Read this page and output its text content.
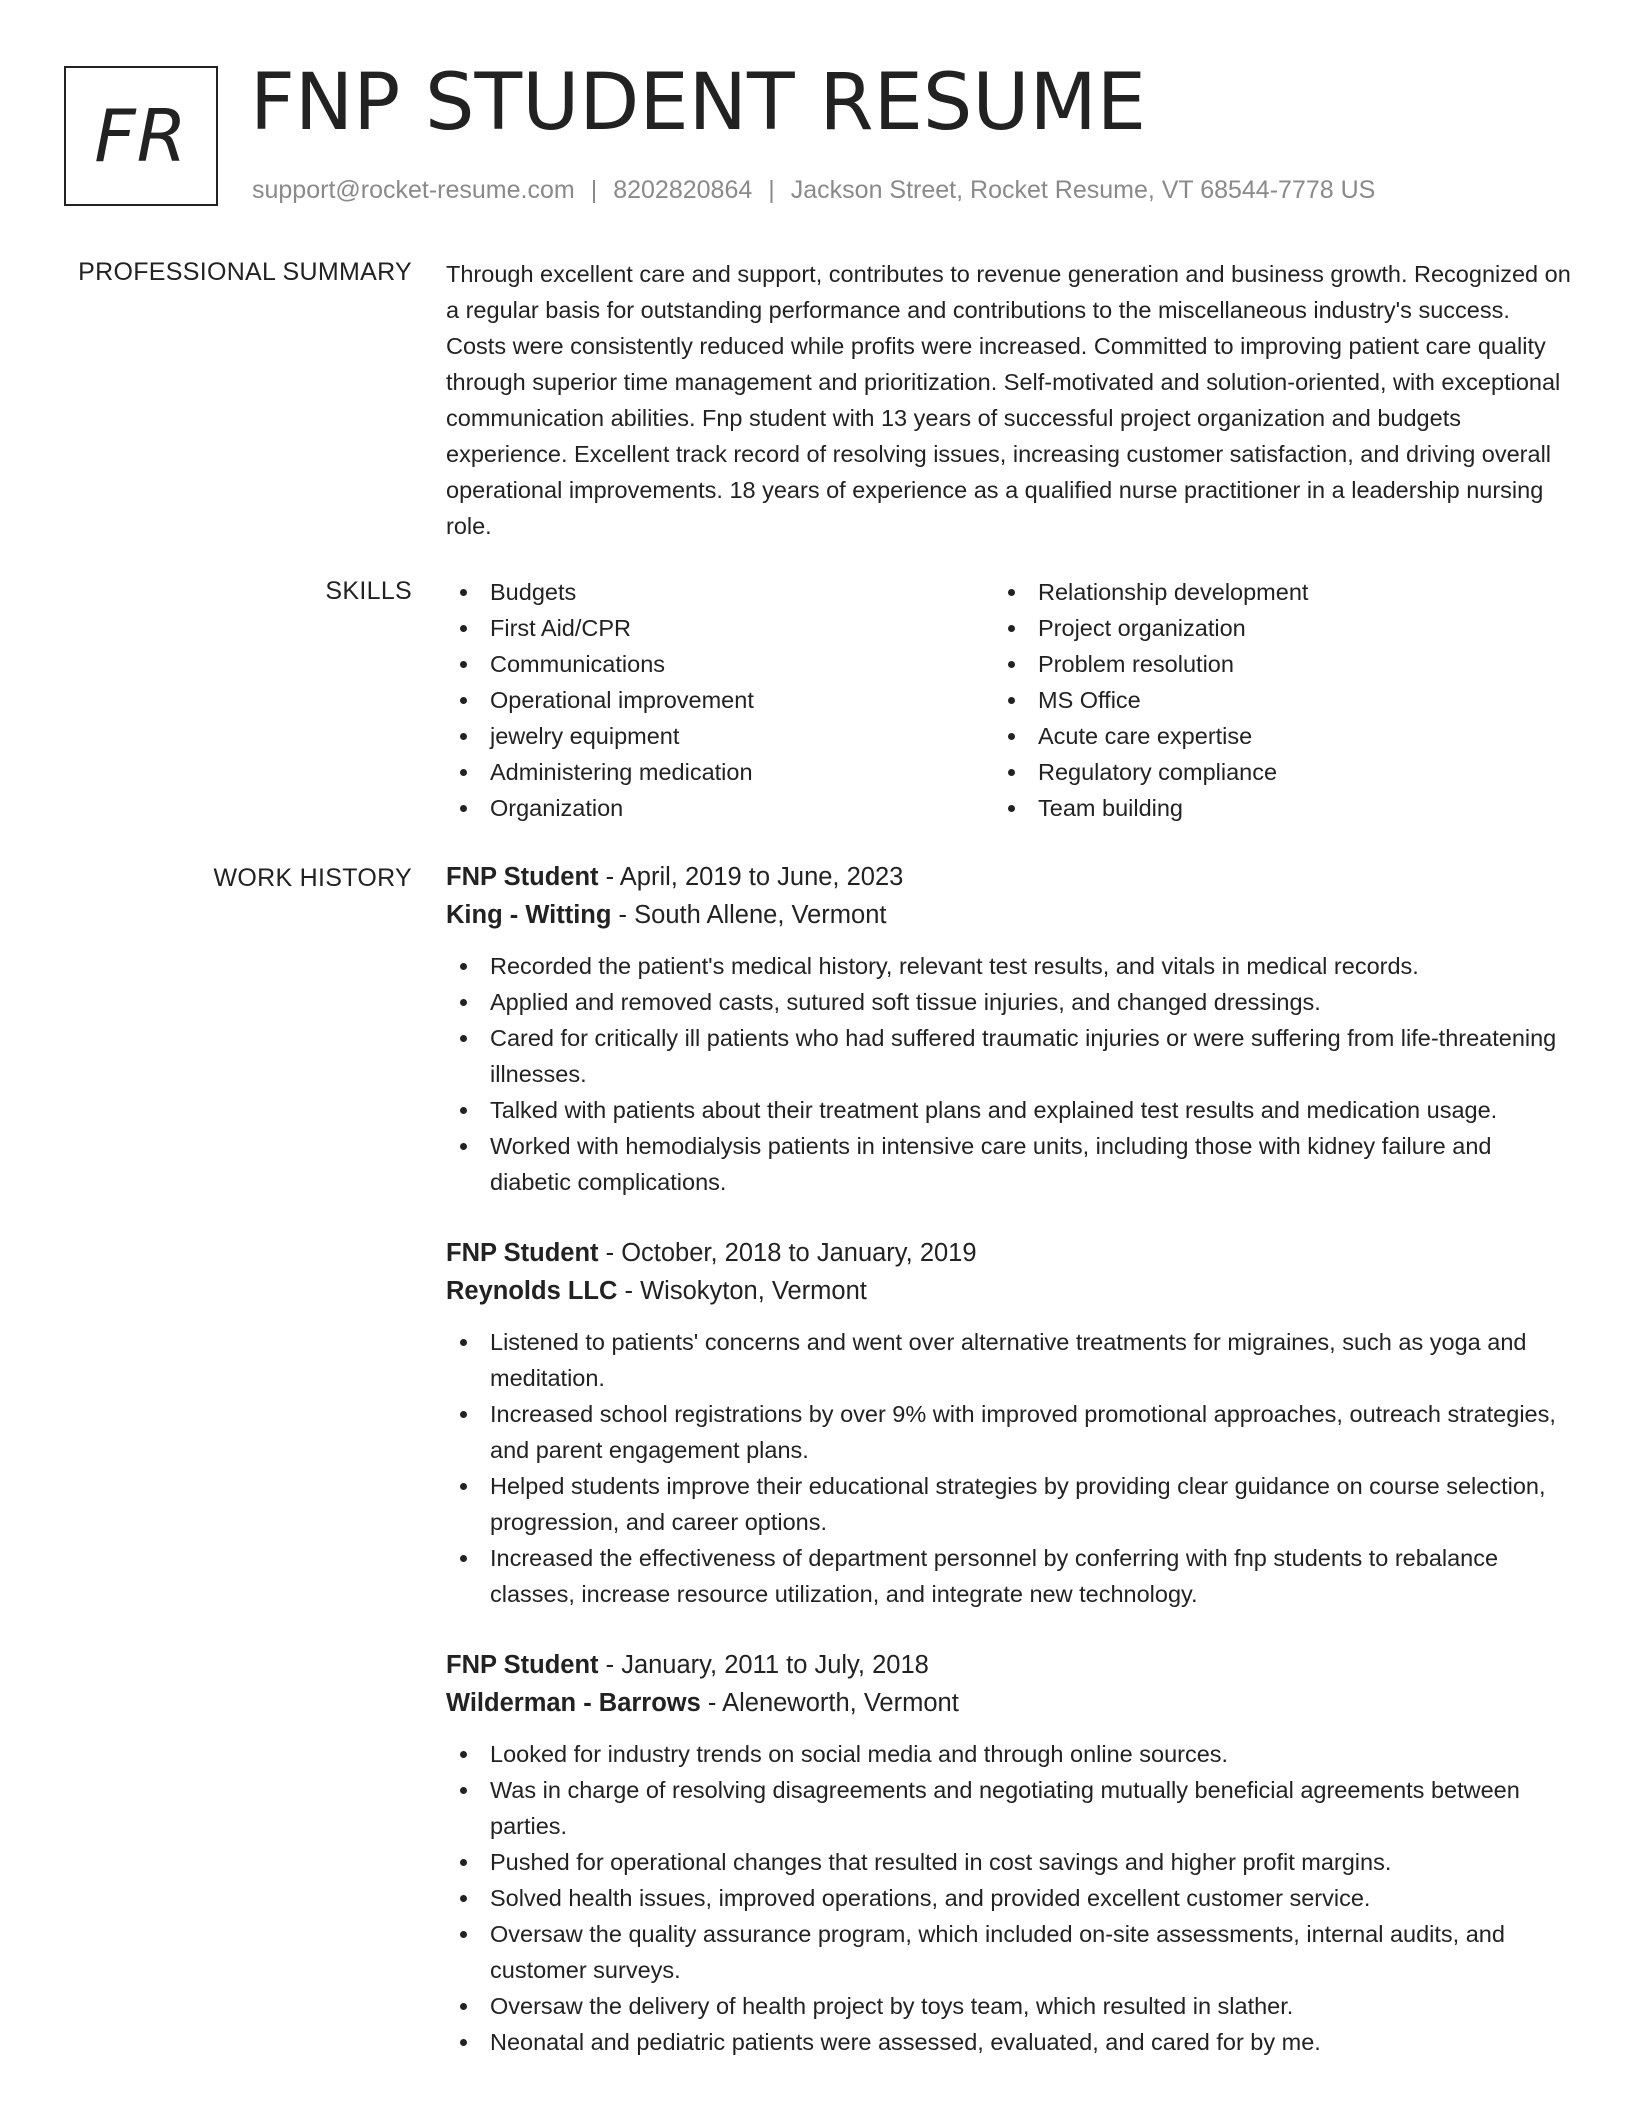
FR FNP STUDENT RESUME
support@rocket-resume.com | 8202820864 | Jackson Street, Rocket Resume, VT 68544-7778 US
PROFESSIONAL SUMMARY Through excellent care and support, contributes to revenue generation and business growth. Recognized on a regular basis for outstanding performance and contributions to the miscellaneous industry's success. Costs were consistently reduced while profits were increased. Committed to improving patient care quality through superior time management and prioritization. Self-motivated and solution-oriented, with exceptional communication abilities. Fnp student with 13 years of successful project organization and budgets experience. Excellent track record of resolving issues, increasing customer satisfaction, and driving overall operational improvements. 18 years of experience as a qualified nurse practitioner in a leadership nursing role.

SKILLS	Budgets
First Aid/CPR
Communications
Operational improvement
jewelry equipment
Administering medication
Organization
Relationship development
Project organization
Problem resolution
MS Office
Acute care expertise
Regulatory compliance
Team building
WORK HISTORY FNP Student - April, 2019 to June, 2023
King - Witting - South Allene, Vermont
Recorded the patient's medical history, relevant test results, and vitals in medical records.
Applied and removed casts, sutured soft tissue injuries, and changed dressings.
Cared for critically ill patients who had suffered traumatic injuries or were suffering from life-threatening illnesses.
Talked with patients about their treatment plans and explained test results and medication usage.
Worked with hemodialysis patients in intensive care units, including those with kidney failure and diabetic complications.
FNP Student - October, 2018 to January, 2019
Reynolds LLC - Wisokyton, Vermont
Listened to patients' concerns and went over alternative treatments for migraines, such as yoga and meditation.
Increased school registrations by over 9% with improved promotional approaches, outreach strategies, and parent engagement plans.
Helped students improve their educational strategies by providing clear guidance on course selection, progression, and career options.
Increased the effectiveness of department personnel by conferring with fnp students to rebalance classes, increase resource utilization, and integrate new technology.
FNP Student - January, 2011 to July, 2018
Wilderman - Barrows - Aleneworth, Vermont
Looked for industry trends on social media and through online sources.
Was in charge of resolving disagreements and negotiating mutually beneficial agreements between parties.
Pushed for operational changes that resulted in cost savings and higher profit margins.
Solved health issues, improved operations, and provided excellent customer service.
Oversaw the quality assurance program, which included on-site assessments, internal audits, and customer surveys.
Oversaw the delivery of health project by toys team, which resulted in slather.
Neonatal and pediatric patients were assessed, evaluated, and cared for by me.
